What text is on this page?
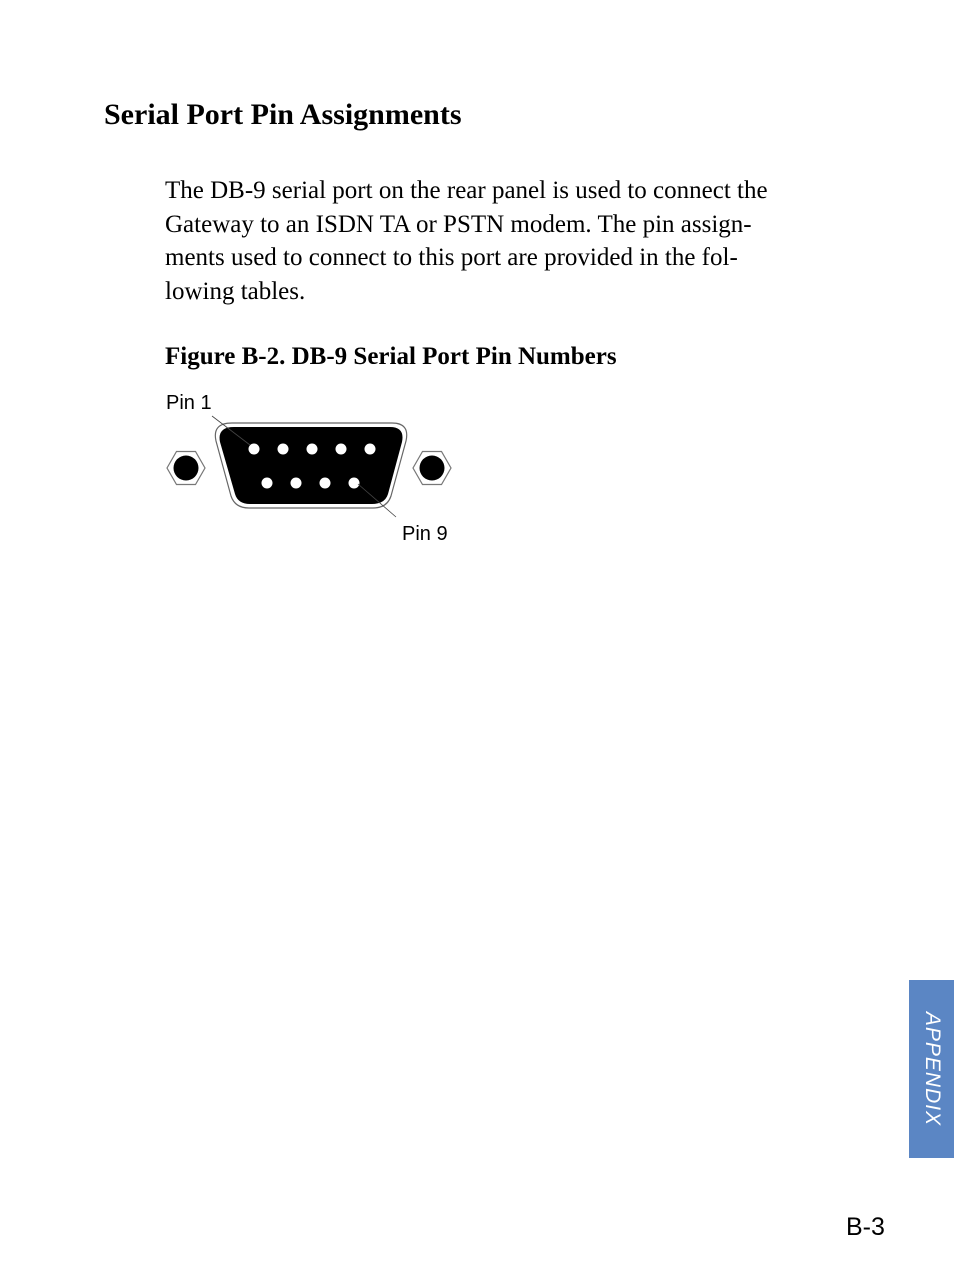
Serial Port Pin Assignments
The DB-9 serial port on the rear panel is used to connect the
Gateway to an ISDN TA or PSTN modem. The pin assign-
ments used to connect to this port are provided in the fol-
lowing tables.
Figure B-2. DB-9 Serial Port Pin Numbers
Pin 1
Pin 9
APPENDIX

B-3
